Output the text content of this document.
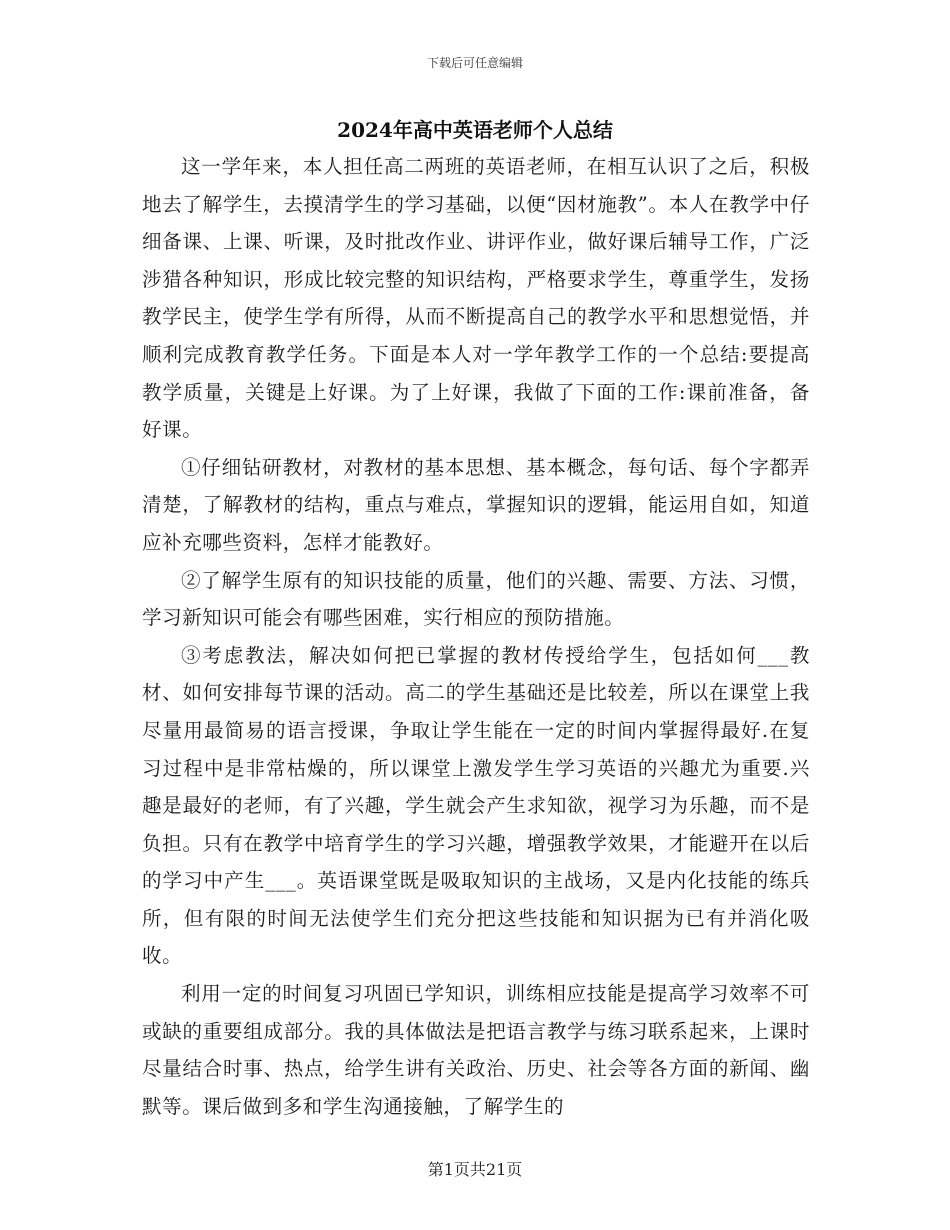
下载后可任意编辑
2024年高中英语老师个人总结

这一学年来，本人担任高二两班的英语老师，在相互认识了之后，积极地去了解学生，去摸清学生的学习基础，以便“因材施教”。本人在教学中仔细备课、上课、听课，及时批改作业、讲评作业，做好课后辅导工作，广泛涉猎各种知识，形成比较完整的知识结构，严格要求学生，尊重学生，发扬教学民主，使学生学有所得，从而不断提高自己的教学水平和思想觉悟，并顺利完成教育教学任务。下面是本人对一学年教学工作的一个总结:要提高教学质量，关键是上好课。为了上好课，我做了下面的工作:课前准备，备好课。

①仔细钻研教材，对教材的基本思想、基本概念，每句话、每个字都弄清楚，了解教材的结构，重点与难点，掌握知识的逻辑，能运用自如，知道应补充哪些资料，怎样才能教好。

②了解学生原有的知识技能的质量，他们的兴趣、需要、方法、习惯，学习新知识可能会有哪些困难，实行相应的预防措施。

③考虑教法，解决如何把已掌握的教材传授给学生，包括如何___教材、如何安排每节课的活动。高二的学生基础还是比较差，所以在课堂上我尽量用最简易的语言授课，争取让学生能在一定的时间内掌握得最好.在复习过程中是非常枯燥的，所以课堂上激发学生学习英语的兴趣尤为重要.兴趣是最好的老师，有了兴趣，学生就会产生求知欲，视学习为乐趣，而不是负担。只有在教学中培育学生的学习兴趣，增强教学效果，才能避开在以后的学习中产生___。英语课堂既是吸取知识的主战场，又是内化技能的练兵所，但有限的时间无法使学生们充分把这些技能和知识据为已有并消化吸收。

利用一定的时间复习巩固已学知识，训练相应技能是提高学习效率不可或缺的重要组成部分。我的具体做法是把语言教学与练习联系起来，上课时尽量结合时事、热点，给学生讲有关政治、历史、社会等各方面的新闻、幽默等。课后做到多和学生沟通接触，了解学生的

第1页共21页
